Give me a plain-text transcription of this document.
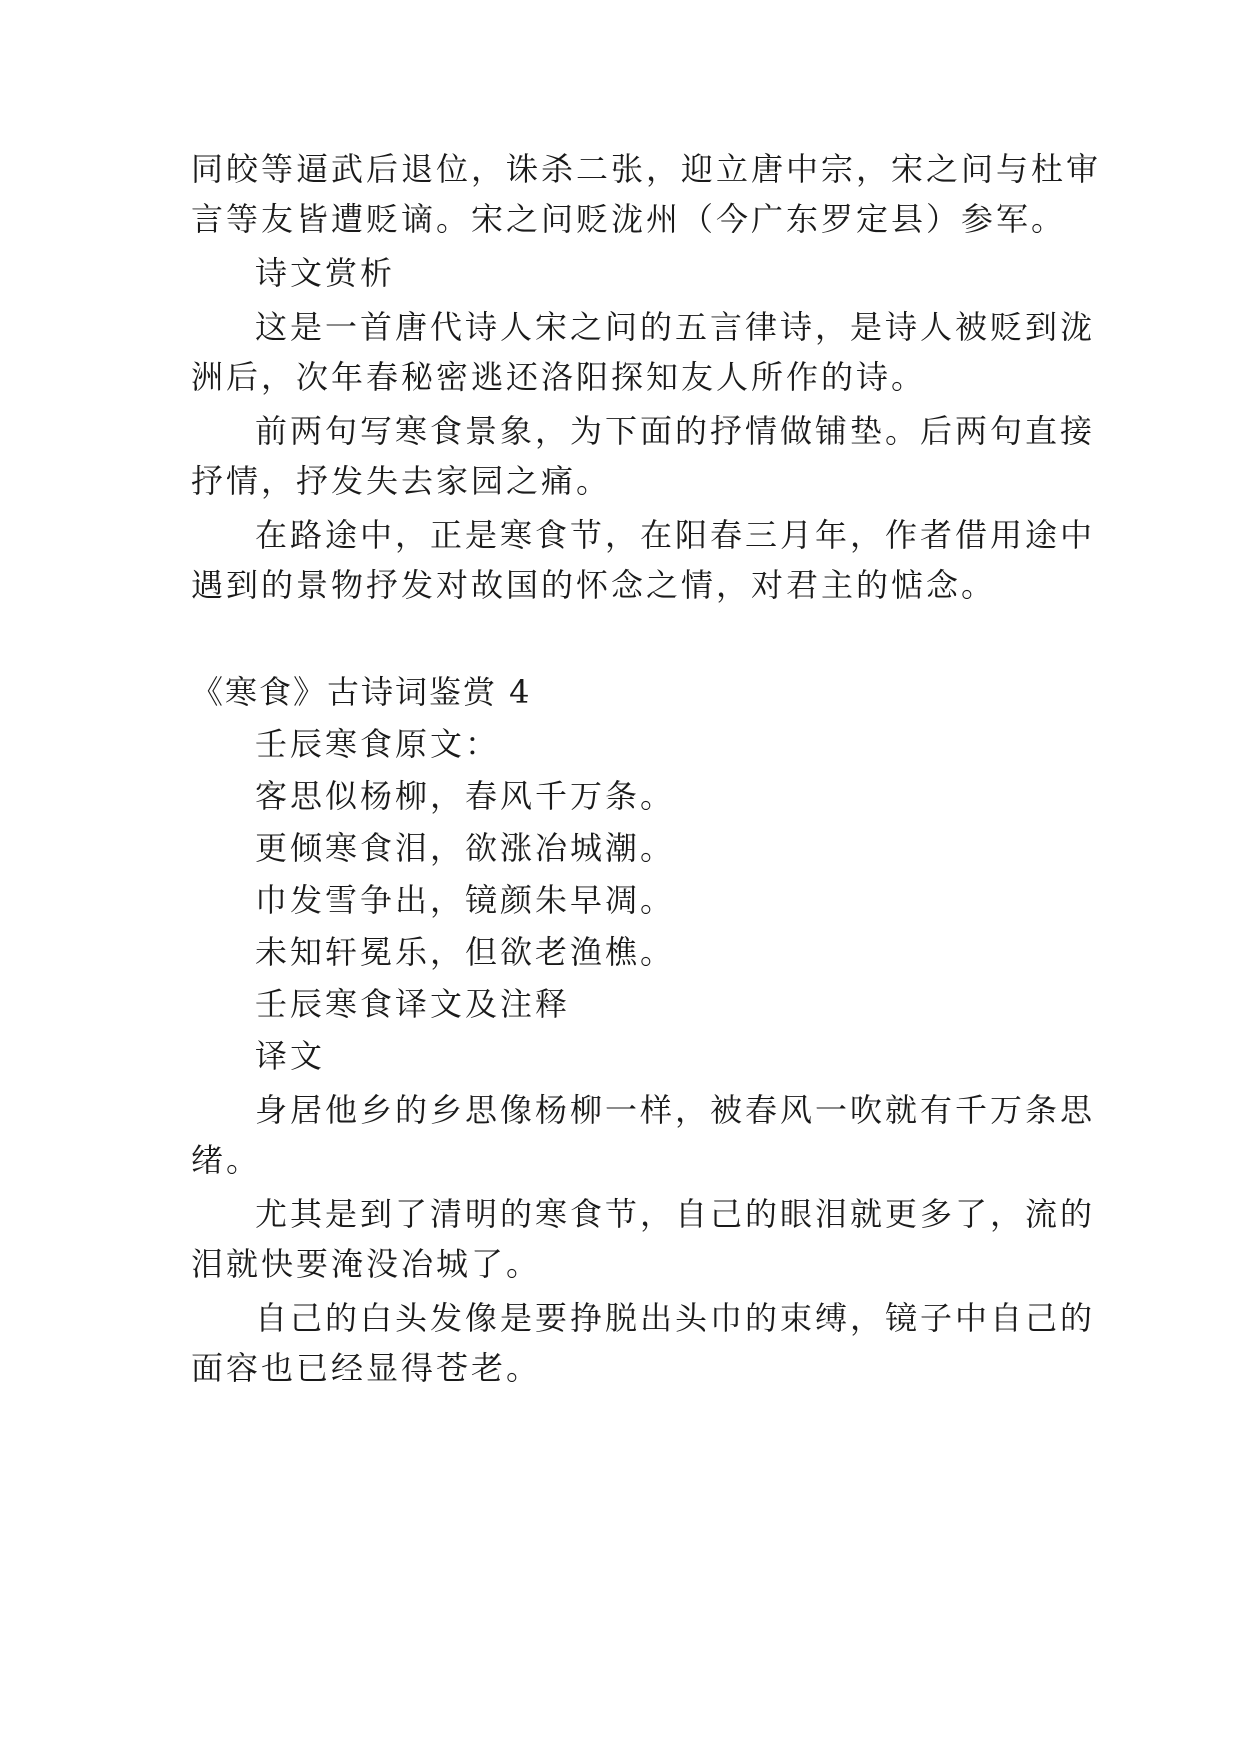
同皎等逼武后退位，诛杀二张，迎立唐中宗，宋之问与杜审
言等友皆遭贬谪。宋之问贬泷州（今广东罗定县）参军。
诗文赏析
这是一首唐代诗人宋之问的五言律诗，是诗人被贬到泷
洲后，次年春秘密逃还洛阳探知友人所作的诗。
前两句写寒食景象，为下面的抒情做铺垫。后两句直接
抒情，抒发失去家园之痛。
在路途中，正是寒食节，在阳春三月年，作者借用途中
遇到的景物抒发对故国的怀念之情，对君主的惦念。
《寒食》古诗词鉴赏 4
壬辰寒食原文：
客思似杨柳，春风千万条。
更倾寒食泪，欲涨冶城潮。
巾发雪争出，镜颜朱早凋。
未知轩冕乐，但欲老渔樵。
壬辰寒食译文及注释
译文
身居他乡的乡思像杨柳一样，被春风一吹就有千万条思
绪。
尤其是到了清明的寒食节，自己的眼泪就更多了，流的
泪就快要淹没冶城了。
自己的白头发像是要挣脱出头巾的束缚，镜子中自己的
面容也已经显得苍老。
